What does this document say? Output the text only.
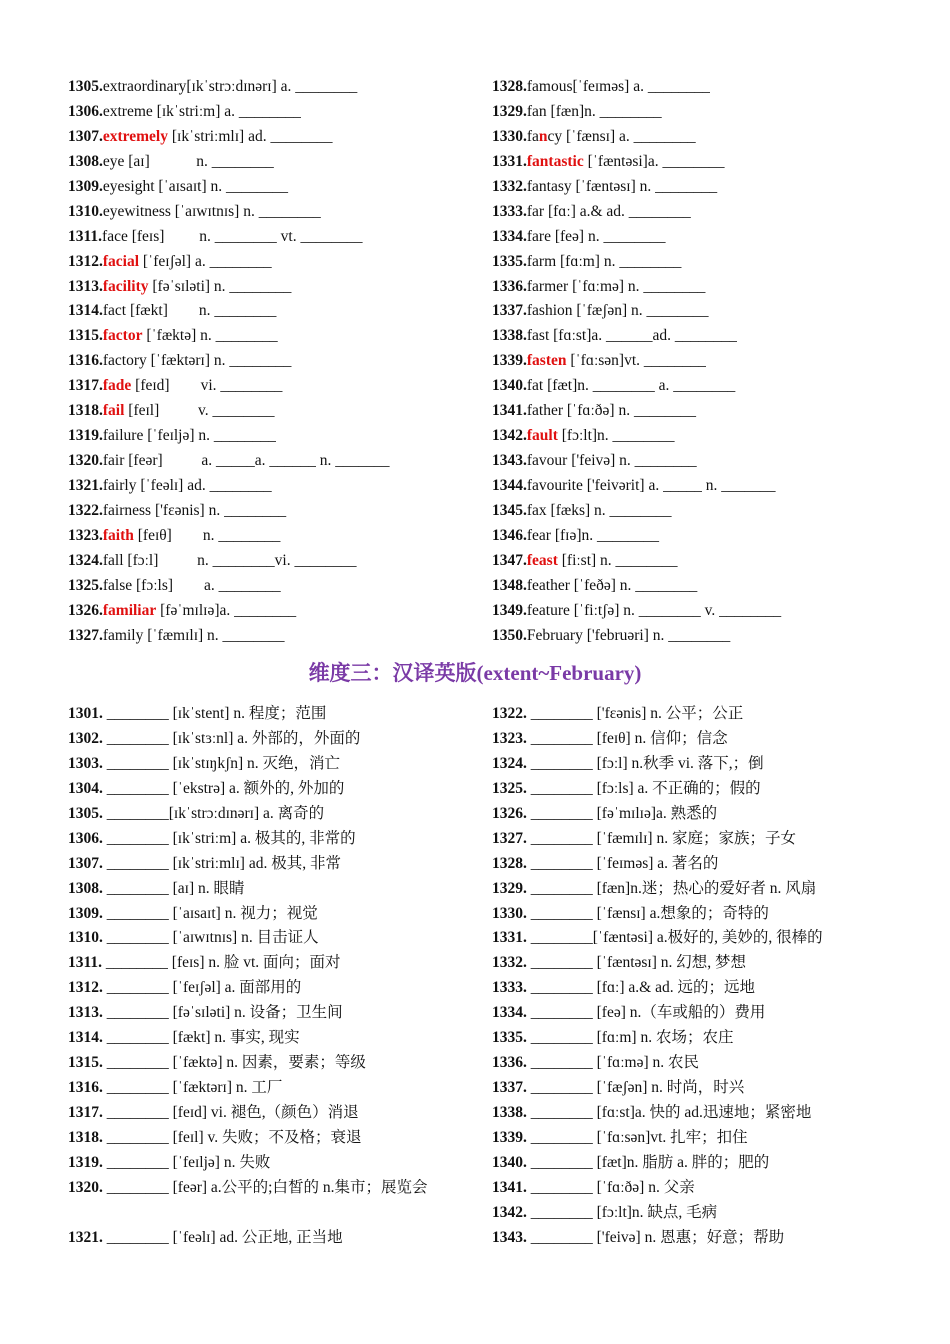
1305.extraordinary[ɪkˈstrɔːdɪnərɪ] a. ________
1306.extreme [ɪkˈstriːm] a. ________
1307.extremely [ɪkˈstriːmlɪ] ad. ________
1308.eye [aɪ]            n. ________
1309.eyesight [ˈaɪsaɪt] n. ________
1310.eyewitness [ˈaɪwɪtnɪs] n. ________
1311.face [feɪs]         n. ________ vt. ________
1312.facial [ˈfeɪʃəl] a. ________
1313.facility [fəˈsɪləti] n. ________
1314.fact [fækt]        n. ________
1315.factor [ˈfæktə] n. ________
1316.factory [ˈfæktərɪ] n. ________
1317.fade [feɪd]        vi. ________
1318.fail [feɪl]          v. ________
1319.failure [ˈfeɪljə] n. ________
1320.fair [feər]          a. _____a. ______ n. _______
1321.fairly [ˈfeəlɪ] ad. ________
1322.fairness ['fɛənis] n. ________
1323.faith [feɪθ]        n. ________
1324.fall [fɔːl]          n. ________vi. ________
1325.false [fɔːls]        a. ________
1326.familiar [fəˈmɪlɪə]a. ________
1327.family [ˈfæmɪlɪ] n. ________
1328.famous[ˈfeɪməs] a. ________
1329.fan [fæn]n. ________
1330.fancy [ˈfænsɪ] a. ________
1331.fantastic [ˈfæntəsi]a. ________
1332.fantasy [ˈfæntəsɪ] n. ________
1333.far [fɑː] a.& ad. ________
1334.fare [feə] n. ________
1335.farm [fɑːm] n. ________
1336.farmer [ˈfɑːmə] n. ________
1337.fashion [ˈfæʃən] n. ________
1338.fast [fɑːst]a. ______ad. ________
1339.fasten [ˈfɑːsən]vt. ________
1340.fat [fæt]n. ________ a. ________
1341.father [ˈfɑːðə] n. ________
1342.fault [fɔːlt]n. ________
1343.favour ['feivə] n. ________
1344.favourite ['feivərit] a. _____ n. _______
1345.fax [fæks] n. ________
1346.fear [fɪə]n. ________
1347.feast [fiːst] n. ________
1348.feather [ˈfeðə] n. ________
1349.feature [ˈfiːtʃə] n. ________ v. ________
1350.February ['februəri] n. ________
维度三：汉译英版(extent~February)
1301. ________ [ɪkˈstent] n. 程度；范围
1302. ________ [ɪkˈstɜːnl] a. 外部的，外面的
1303. ________ [ɪkˈstɪŋkʃn] n. 灭绝，消亡
1304. ________ [ˈekstrə] a. 额外的, 外加的
1305. ________[ɪkˈstrɔːdɪnərɪ] a. 离奇的
1306. ________ [ɪkˈstriːm] a. 极其的, 非常的
1307. ________ [ɪkˈstriːmlɪ] ad. 极其, 非常
1308. ________ [aɪ] n. 眼睛
1309. ________ [ˈaɪsaɪt] n. 视力；视觉
1310. ________ [ˈaɪwɪtnɪs] n. 目击证人
1311. ________ [feɪs] n. 脸 vt. 面向；面对
1312. ________ [ˈfeɪʃəl] a. 面部用的
1313. ________ [fəˈsɪləti] n. 设备；卫生间
1314. ________ [fækt] n. 事实, 现实
1315. ________ [ˈfæktə] n. 因素，要素；等级
1316. ________ [ˈfæktərɪ] n. 工厂
1317. ________ [feɪd] vi. 褪色,（颜色）消退
1318. ________ [feɪl] v. 失败；不及格；衰退
1319. ________ [ˈfeɪljə] n. 失败
1320. ________ [feər] a.公平的;白皙的 n.集市；展览会
1321. ________ [ˈfeəlɪ] ad. 公正地, 正当地
1322. ________ ['fɛənis] n. 公平；公正
1323. ________ [feɪθ] n. 信仰；信念
1324. ________ [fɔːl] n.秋季 vi. 落下,；倒
1325. ________ [fɔːls] a. 不正确的；假的
1326. ________ [fəˈmɪlɪə]a. 熟悉的
1327. ________ [ˈfæmɪlɪ] n. 家庭；家族；子女
1328. ________ [ˈfeɪməs] a. 著名的
1329. ________ [fæn]n.迷；热心的爱好者 n. 风扇
1330. ________ [ˈfænsɪ] a.想象的；奇特的
1331. ________[ˈfæntəsi] a.极好的, 美妙的, 很棒的
1332. ________ [ˈfæntəsɪ] n. 幻想, 梦想
1333. ________ [fɑː] a.& ad. 远的；远地
1334. ________ [feə] n.（车或船的）费用
1335. ________ [fɑːm] n. 农场；农庄
1336. ________ [ˈfɑːmə] n. 农民
1337. ________ [ˈfæʃən] n. 时尚，时兴
1338. ________ [fɑːst]a. 快的 ad.迅速地；紧密地
1339. ________ [ˈfɑːsən]vt. 扎牢；扣住
1340. ________ [fæt]n. 脂肪 a. 胖的；肥的
1341. ________ [ˈfɑːðə] n. 父亲
1342. ________ [fɔːlt]n. 缺点, 毛病
1343. ________ ['feivə] n. 恩惠；好意；帮助
